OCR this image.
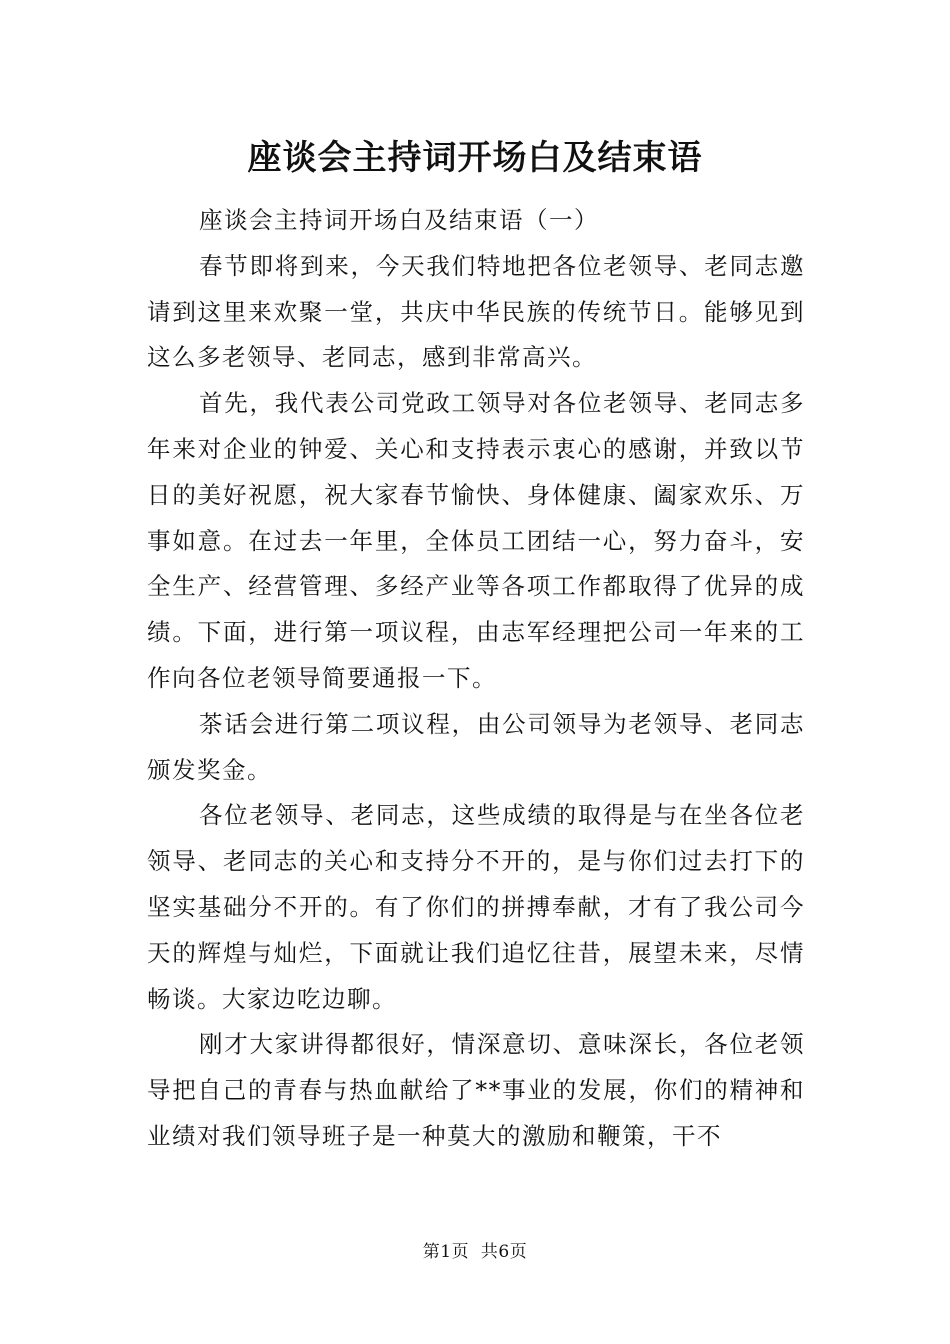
座谈会主持词开场白及结束语

座谈会主持词开场白及结束语（一）

春节即将到来，今天我们特地把各位老领导、老同志邀请到这里来欢聚一堂，共庆中华民族的传统节日。能够见到这么多老领导、老同志，感到非常高兴。

首先，我代表公司党政工领导对各位老领导、老同志多年来对企业的钟爱、关心和支持表示衷心的感谢，并致以节日的美好祝愿，祝大家春节愉快、身体健康、阖家欢乐、万事如意。在过去一年里，全体员工团结一心，努力奋斗，安全生产、经营管理、多经产业等各项工作都取得了优异的成绩。下面，进行第一项议程，由志军经理把公司一年来的工作向各位老领导简要通报一下。

茶话会进行第二项议程，由公司领导为老领导、老同志颁发奖金。

各位老领导、老同志，这些成绩的取得是与在坐各位老领导、老同志的关心和支持分不开的，是与你们过去打下的坚实基础分不开的。有了你们的拼搏奉献，才有了我公司今天的辉煌与灿烂，下面就让我们追忆往昔，展望未来，尽情畅谈。大家边吃边聊。

刚才大家讲得都很好，情深意切、意味深长，各位老领导把自己的青春与热血献给了**事业的发展，你们的精神和业绩对我们领导班子是一种莫大的激励和鞭策，干不

第1页 共6页
